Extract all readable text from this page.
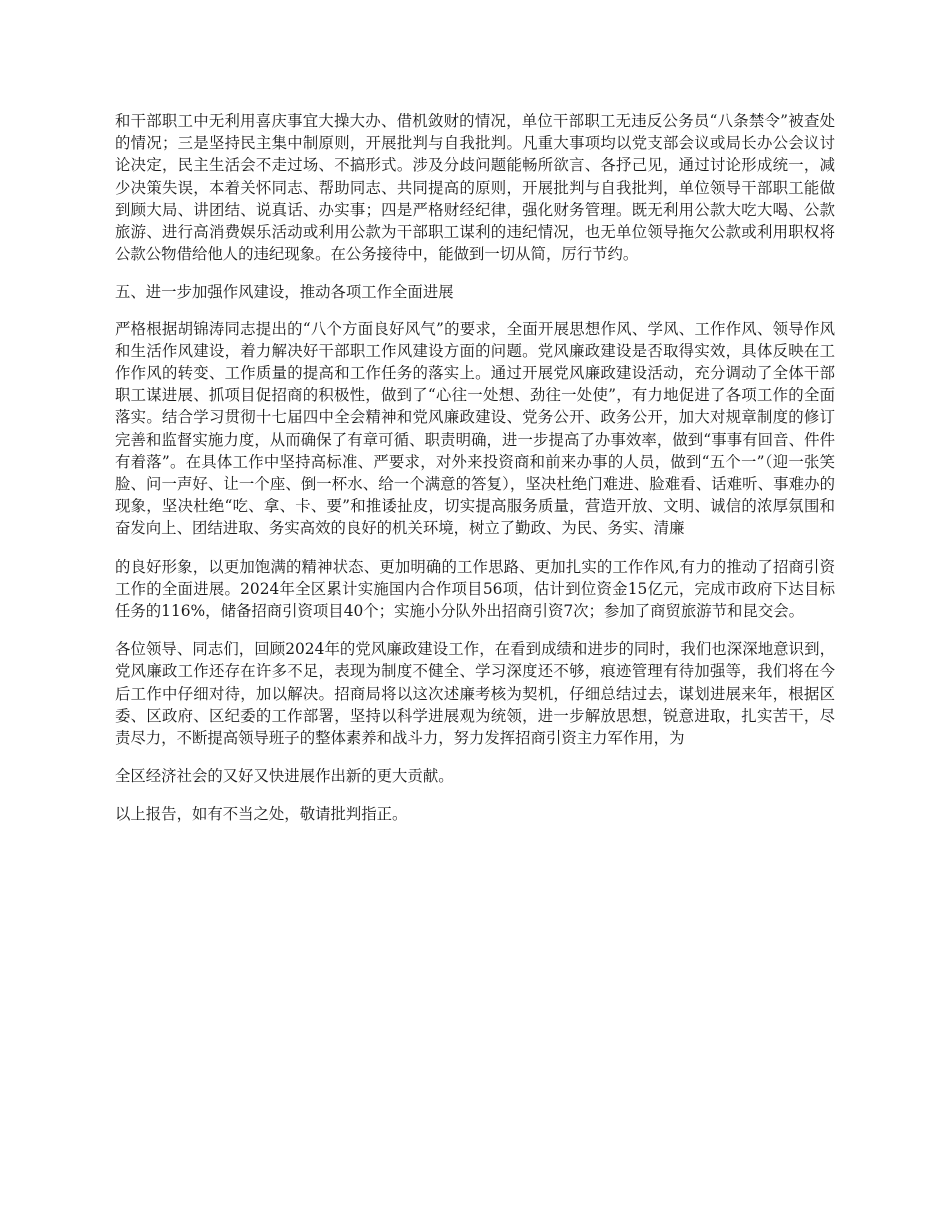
和干部职工中无利用喜庆事宜大操大办、借机敛财的情况，单位干部职工无违反公务员“八条禁令”被查处的情况；三是坚持民主集中制原则，开展批判与自我批判。凡重大事项均以党支部会议或局长办公会议讨论决定，民主生活会不走过场、不搞形式。涉及分歧问题能畅所欲言、各抒己见，通过讨论形成统一，减少决策失误，本着关怀同志、帮助同志、共同提高的原则，开展批判与自我批判，单位领导干部职工能做到顾大局、讲团结、说真话、办实事；四是严格财经纪律，强化财务管理。既无利用公款大吃大喝、公款旅游、进行高消费娱乐活动或利用公款为干部职工谋利的违纪情况，也无单位领导拖欠公款或利用职权将公款公物借给他人的违纪现象。在公务接待中，能做到一切从简，厉行节约。

五、进一步加强作风建设，推动各项工作全面进展

严格根据胡锦涛同志提出的“八个方面良好风气”的要求，全面开展思想作风、学风、工作作风、领导作风和生活作风建设，着力解决好干部职工作风建设方面的问题。党风廉政建设是否取得实效，具体反映在工作作风的转变、工作质量的提高和工作任务的落实上。通过开展党风廉政建设活动，充分调动了全体干部职工谋进展、抓项目促招商的积极性，做到了“心往一处想、劲往一处使”，有力地促进了各项工作的全面落实。结合学习贯彻十七届四中全会精神和党风廉政建设、党务公开、政务公开，加大对规章制度的修订完善和监督实施力度，从而确保了有章可循、职责明确，进一步提高了办事效率，做到“事事有回音、件件有着落”。在具体工作中坚持高标准、严要求，对外来投资商和前来办事的人员，做到“五个一”（迎一张笑脸、问一声好、让一个座、倒一杯水、给一个满意的答复），坚决杜绝门难进、脸难看、话难听、事难办的现象，坚决杜绝“吃、拿、卡、要”和推诿扯皮，切实提高服务质量，营造开放、文明、诚信的浓厚氛围和奋发向上、团结进取、务实高效的良好的机关环境，树立了勤政、为民、务实、清廉

的良好形象，以更加饱满的精神状态、更加明确的工作思路、更加扎实的工作作风,有力的推动了招商引资工作的全面进展。2024年全区累计实施国内合作项目56项，估计到位资金15亿元，完成市政府下达目标任务的116%，储备招商引资项目40个；实施小分队外出招商引资7次；参加了商贸旅游节和昆交会。

各位领导、同志们，回顾2024年的党风廉政建设工作，在看到成绩和进步的同时，我们也深深地意识到，党风廉政工作还存在许多不足，表现为制度不健全、学习深度还不够，痕迹管理有待加强等，我们将在今后工作中仔细对待，加以解决。招商局将以这次述廉考核为契机，仔细总结过去，谋划进展来年，根据区委、区政府、区纪委的工作部署，坚持以科学进展观为统领，进一步解放思想，锐意进取，扎实苦干，尽责尽力，不断提高领导班子的整体素养和战斗力，努力发挥招商引资主力军作用，为

全区经济社会的又好又快进展作出新的更大贡献。

以上报告，如有不当之处，敬请批判指正。
